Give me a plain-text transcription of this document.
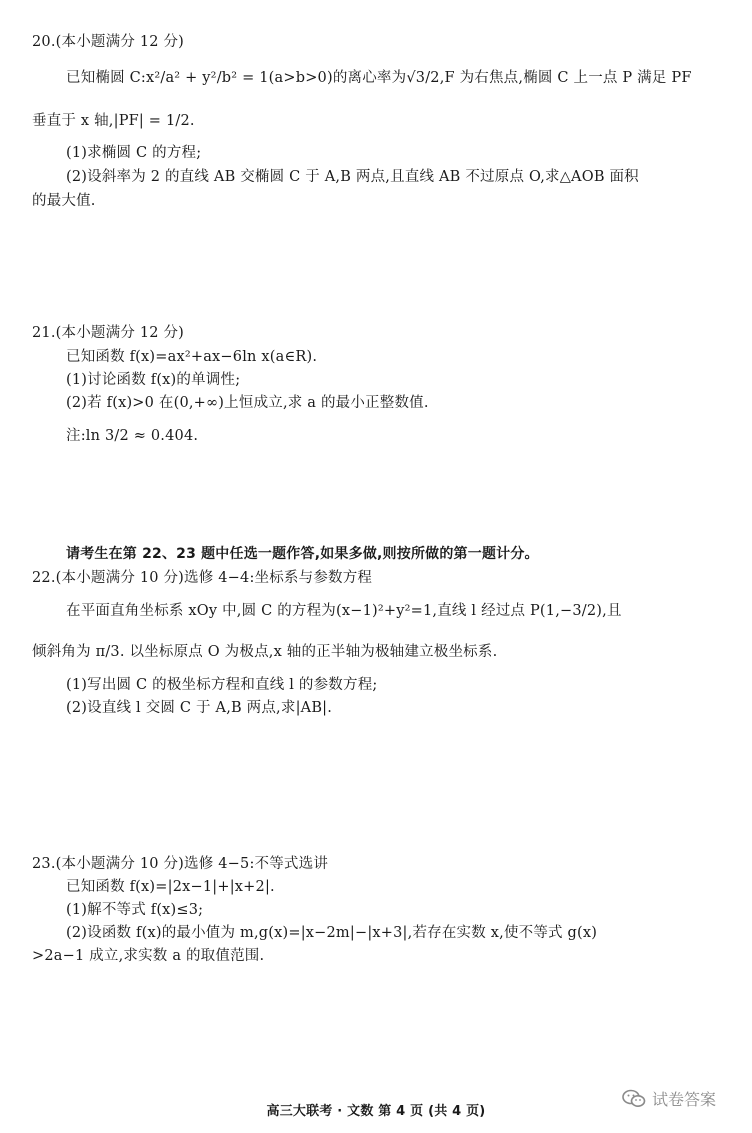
20.(本小题满分 12 分)
已知椭圆 C:x²/a² + y²/b² = 1(a>b>0)的离心率为√3/2,F 为右焦点,椭圆 C 上一点 P 满足 PF
垂直于 x 轴,|PF| = 1/2.
(1)求椭圆 C 的方程;
(2)设斜率为 2 的直线 AB 交椭圆 C 于 A,B 两点,且直线 AB 不过原点 O,求△AOB 面积
的最大值.
21.(本小题满分 12 分)
已知函数 f(x)=ax²+ax−6ln x(a∈R).
(1)讨论函数 f(x)的单调性;
(2)若 f(x)>0 在(0,+∞)上恒成立,求 a 的最小正整数值.
注:ln 3/2 ≈ 0.404.
请考生在第 22、23 题中任选一题作答,如果多做,则按所做的第一题计分。
22.(本小题满分 10 分)选修 4−4:坐标系与参数方程
在平面直角坐标系 xOy 中,圆 C 的方程为(x−1)²+y²=1,直线 l 经过点 P(1,−3/2),且
倾斜角为 π/3. 以坐标原点 O 为极点,x 轴的正半轴为极轴建立极坐标系.
(1)写出圆 C 的极坐标方程和直线 l 的参数方程;
(2)设直线 l 交圆 C 于 A,B 两点,求|AB|.
23.(本小题满分 10 分)选修 4−5:不等式选讲
已知函数 f(x)=|2x−1|+|x+2|.
(1)解不等式 f(x)≤3;
(2)设函数 f(x)的最小值为 m,g(x)=|x−2m|−|x+3|,若存在实数 x,使不等式 g(x)
>2a−1 成立,求实数 a 的取值范围.
高三大联考 · 文数 第 4 页 (共 4 页)
试卷答案
